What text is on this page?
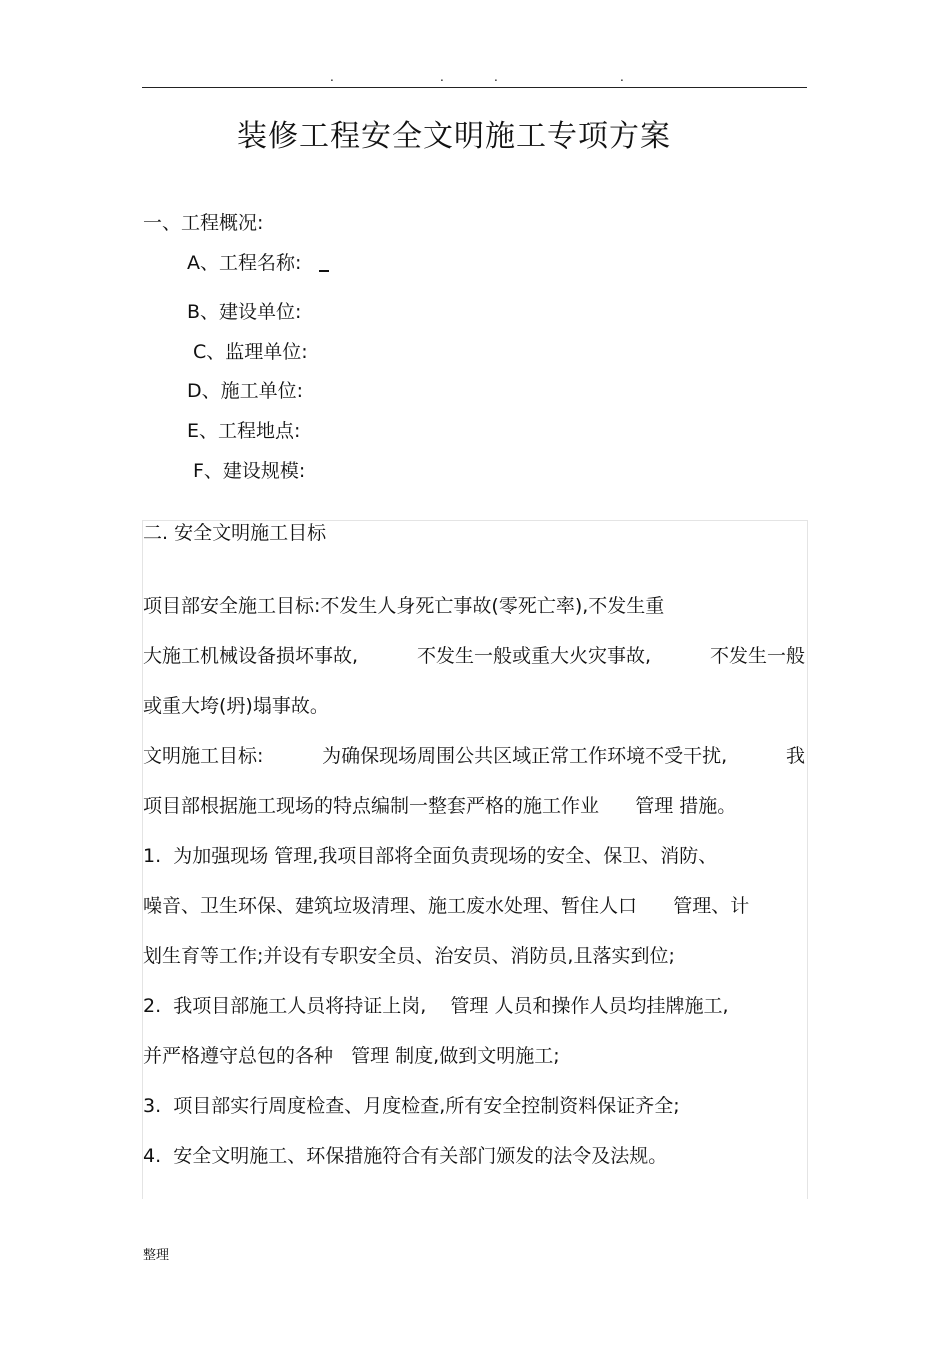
.	.	.	.
装修工程安全文明施工专项方案
一、工程概况:
A、工程名称:
B、建设单位:
C、监理单位:
D、施工单位:
E、工程地点:
F、建设规模:
二. 安全文明施工目标
项目部安全施工目标:不发生人身死亡事故(零死亡率),不发生重
大施工机械设备损坏事故,	不发生一般或重大火灾事故,	不发生一般
或重大垮(坍)塌事故。
文明施工目标:	为确保现场周围公共区域正常工作环境不受干扰,	我
项目部根据施工现场的特点编制一整套严格的施工作业      管理 措施。
1.  为加强现场 管理,我项目部将全面负责现场的安全、保卫、消防、
噪音、卫生环保、建筑垃圾清理、施工废水处理、暂住人口      管理、计
划生育等工作;并设有专职安全员、治安员、消防员,且落实到位;
2.  我项目部施工人员将持证上岗,    管理 人员和操作人员均挂牌施工,
并严格遵守总包的各种   管理 制度,做到文明施工;
3.  项目部实行周度检查、月度检查,所有安全控制资料保证齐全;
4.  安全文明施工、环保措施符合有关部门颁发的法令及法规。
整理
